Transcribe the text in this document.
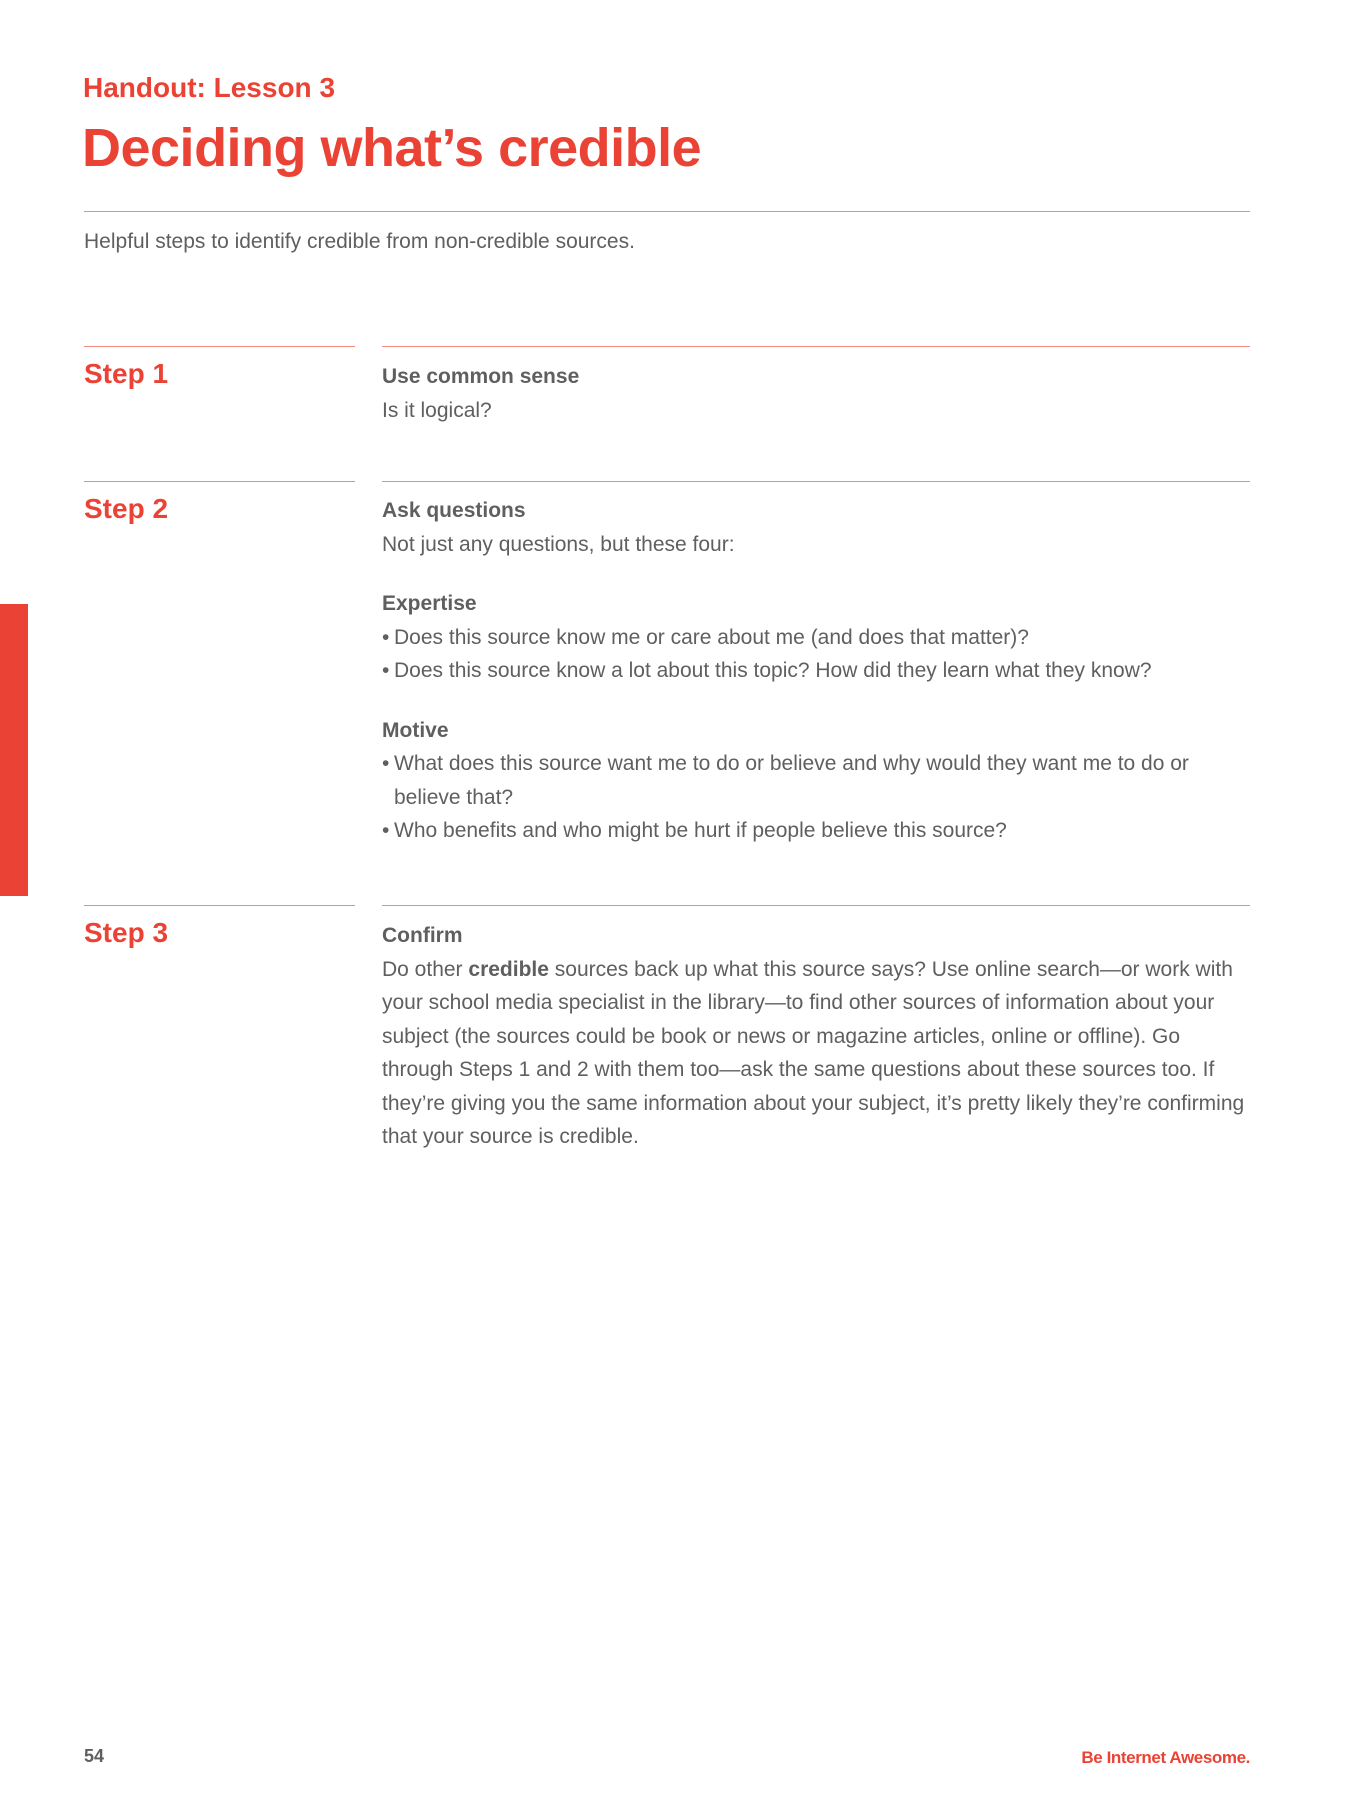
Handout: Lesson 3

Deciding what’s credible

Helpful steps to identify credible from non-credible sources.

Step 1	Use common sense

Is it logical?

Step 2	Ask questions

Not just any questions, but these four:

Expertise

• Does this source know me or care about me (and does that matter)?
• Does this source know a lot about this topic? How did they learn what they know?

Motive

• What does this source want me to do or believe and why would they want me to do or believe that?
• Who benefits and who might be hurt if people believe this source?

Step 3	Confirm

Do other credible sources back up what this source says? Use online search—or work with your school media specialist in the library—to find other sources of information about your subject (the sources could be book or news or magazine articles, online or offline). Go through Steps 1 and 2 with them too—ask the same questions about these sources too. If they’re giving you the same information about your subject, it’s pretty likely they’re confirming that your source is credible.

54	Be Internet Awesome.
